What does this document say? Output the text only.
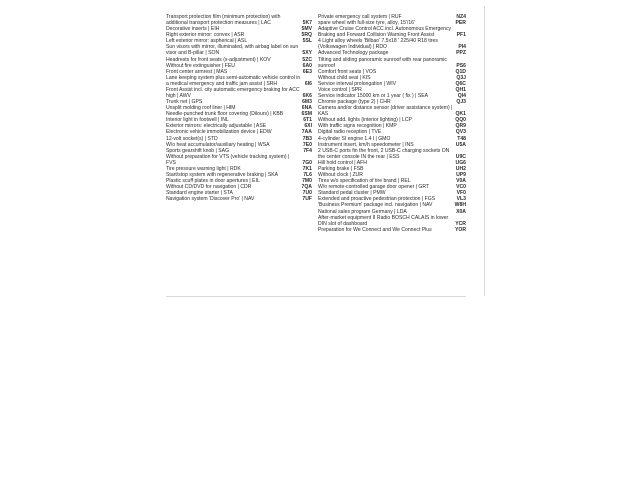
Transport protection film (minimum protection) with additional transport protection measures | LAC	5K7
Decorative inserts | EIH	5MV
Right exterior mirror: convex | ASR	5RQ
Left exterior mirror: aspherical | ASL	5SL
Sun visors with mirror, illuminated, with airbag label on sun visor and B-pillar | SON	5XY
Headrests for front seats (x-adjustment) | KOV	5ZC
Without fire extinguisher | FEU	6A0
Front center armrest | MAS	6E3
Lane keeping system plus semi-automatic vehicle control in a medical emergency and traffic jam assist | SRH	6I6
Front Assist incl. city automatic emergency braking for ACC high | AWV	6K6
Trunk net | GPS	6M3
Unsplit molding roof liner | HIM	6NA
Needle-punched trunk floor covering (Dilours) | KBB	6SM
Interior light in footwell | INL	6T1
Exterior mirrors: electrically adjustable | ASE	6XI
Electronic vehicle immobilization device | EDW	7AA
12-volt socket(s) | STD	7B3
W/o heat accumulator/auxiliary heating | WSA	7E0
Sports gearshift knob | SAG	7F4
Without preparation for VTS (vehicle tracking system) | FVS	7G0
Tire pressure warning light | RDK	7K1
Start/stop system with regenerative braking | SKA	7L6
Plastic scuff plates in door apertures | EIL	7M0
Without CD/DVD for navigation | CDR	7QA
Standard engine starter | STA	7U0
Navigation system 'Discover Pro' | NAV	7UF
Private emergency call system | RUF	NZ4
spare wheel with full-size tyre, alloy, 15'/16'	PER
Adaptive Cruise Control ACC incl. Autonomous Emergency Braking and Forward Collision Warning Front Assist	PF1
4 Light alloy wheels 'Bilbao' 7,5x18 ' 225/40 R18 tires (Volkswagen Individual) | RDO	PI4
Advanced Technology package	PPZ
Tilting and sliding panoramic sunroof with rear panoramic sunroof	PS6
Comfort front seats | VOS	Q1D
Without child seat | KIS	Q3J
Service interval prolongation | WIV	Q6C
Voice control | SPR	QH1
Service indicator 15000 km or 1 year ( fix ) | SEA	QI4
Chrome package (type 2) | CHR	QJ3
Camera and/or distance sensor (driver assistance system) | KAS	QK1
Without add. lights (interior lighting) | LCP	QQ0
With traffic signs recognition | KMP	QR9
Digital radio reception | TVE	QV3
4-cylinder SI engine 1.4 l | GMO	T48
Instrument insert, km/h speedometer | INS	U5A
2 USB-C ports fin the front, 2 USB-C charging sockets ON the center console IN the rear | ESS	U9C
Hill hold control | AFH	UG6
Parking brake | FSB	UH2
Without clock | ZUR	UP9
Tires w/o specification of tire brand | REL	V0A
W/o remote-controlled garage door opener | GRT	VC0
Standard pedal cluster | PMW	VF0
Extended and proactive pedestrian protection | FGS	VL3
'Business Premium' package incl. navigation | NAV	W8H
National sales program Germany | LDA	X0A
After-market equipment II Radio BOSCH CALAIS in lower DIN slot of dashboard	YCR
Preparation for We Connect and We Connect Plus	YOR
